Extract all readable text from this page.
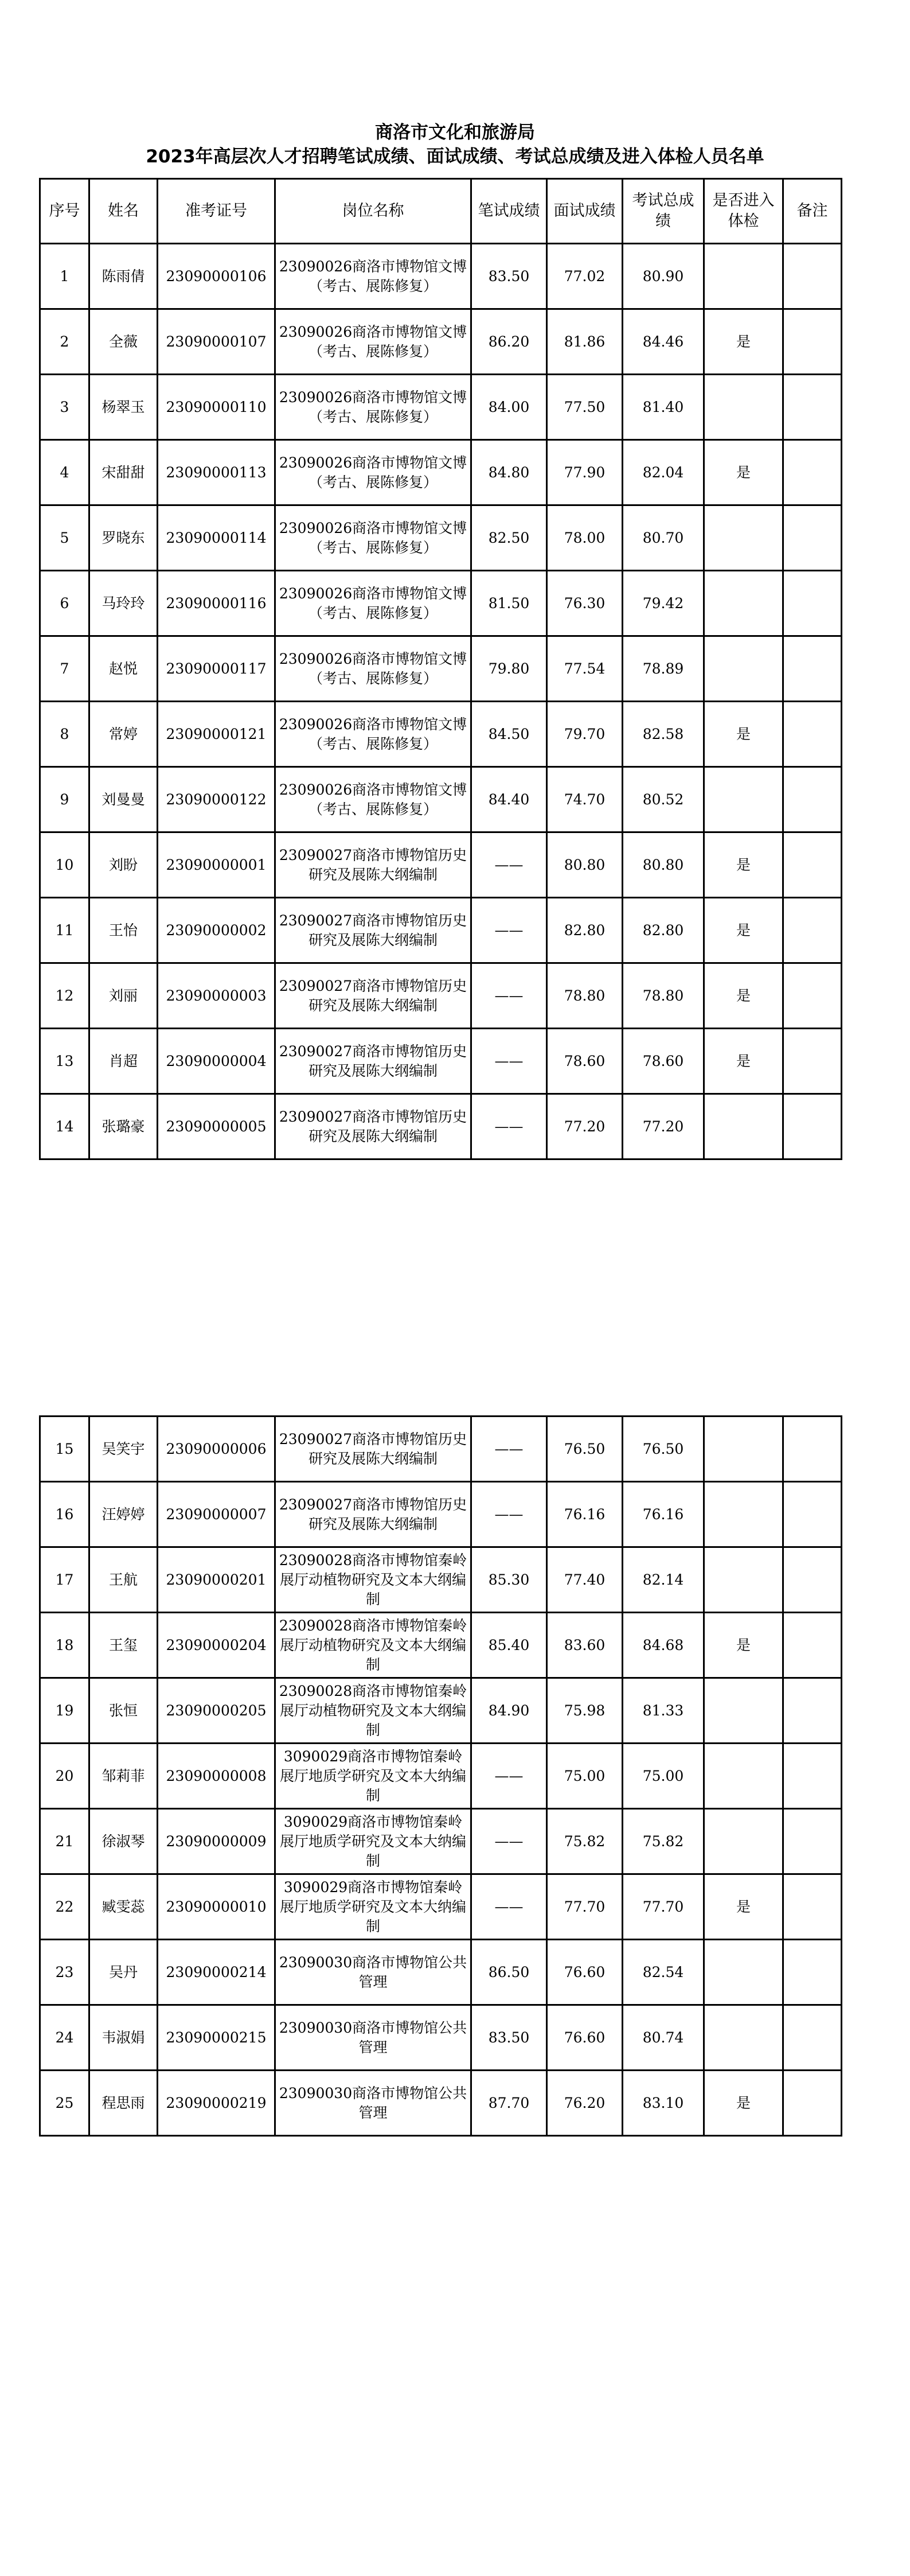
商洛市文化和旅游局
2023年高层次人才招聘笔试成绩、面试成绩、考试总成绩及进入体检人员名单
序号	姓名	准考证号	岗位名称	笔试成绩	面试成绩	考试总成绩	是否进入体检	备注
1	陈雨倩	23090000106	23090026商洛市博物馆文博（考古、展陈修复）	83.50	77.02	80.90		
2	全薇	23090000107	23090026商洛市博物馆文博（考古、展陈修复）	86.20	81.86	84.46	是	
3	杨翠玉	23090000110	23090026商洛市博物馆文博（考古、展陈修复）	84.00	77.50	81.40		
4	宋甜甜	23090000113	23090026商洛市博物馆文博（考古、展陈修复）	84.80	77.90	82.04	是	
5	罗晓东	23090000114	23090026商洛市博物馆文博（考古、展陈修复）	82.50	78.00	80.70		
6	马玲玲	23090000116	23090026商洛市博物馆文博（考古、展陈修复）	81.50	76.30	79.42		
7	赵悦	23090000117	23090026商洛市博物馆文博（考古、展陈修复）	79.80	77.54	78.89		
8	常婷	23090000121	23090026商洛市博物馆文博（考古、展陈修复）	84.50	79.70	82.58	是	
9	刘曼曼	23090000122	23090026商洛市博物馆文博（考古、展陈修复）	84.40	74.70	80.52		
10	刘盼	23090000001	23090027商洛市博物馆历史研究及展陈大纲编制	——	80.80	80.80	是	
11	王怡	23090000002	23090027商洛市博物馆历史研究及展陈大纲编制	——	82.80	82.80	是	
12	刘丽	23090000003	23090027商洛市博物馆历史研究及展陈大纲编制	——	78.80	78.80	是	
13	肖超	23090000004	23090027商洛市博物馆历史研究及展陈大纲编制	——	78.60	78.60	是	
14	张璐豪	23090000005	23090027商洛市博物馆历史研究及展陈大纲编制	——	77.20	77.20		
15	吴笑宇	23090000006	23090027商洛市博物馆历史研究及展陈大纲编制	——	76.50	76.50		
16	汪婷婷	23090000007	23090027商洛市博物馆历史研究及展陈大纲编制	——	76.16	76.16		
17	王航	23090000201	23090028商洛市博物馆秦岭展厅动植物研究及文本大纲编制	85.30	77.40	82.14		
18	王玺	23090000204	23090028商洛市博物馆秦岭展厅动植物研究及文本大纲编制	85.40	83.60	84.68	是	
19	张恒	23090000205	23090028商洛市博物馆秦岭展厅动植物研究及文本大纲编制	84.90	75.98	81.33		
20	邹莉菲	23090000008	3090029商洛市博物馆秦岭展厅地质学研究及文本大纳编制	——	75.00	75.00		
21	徐淑琴	23090000009	3090029商洛市博物馆秦岭展厅地质学研究及文本大纳编制	——	75.82	75.82		
22	臧雯蕊	23090000010	3090029商洛市博物馆秦岭展厅地质学研究及文本大纳编制	——	77.70	77.70	是	
23	吴丹	23090000214	23090030商洛市博物馆公共管理	86.50	76.60	82.54		
24	韦淑娟	23090000215	23090030商洛市博物馆公共管理	83.50	76.60	80.74		
25	程思雨	23090000219	23090030商洛市博物馆公共管理	87.70	76.20	83.10	是	
